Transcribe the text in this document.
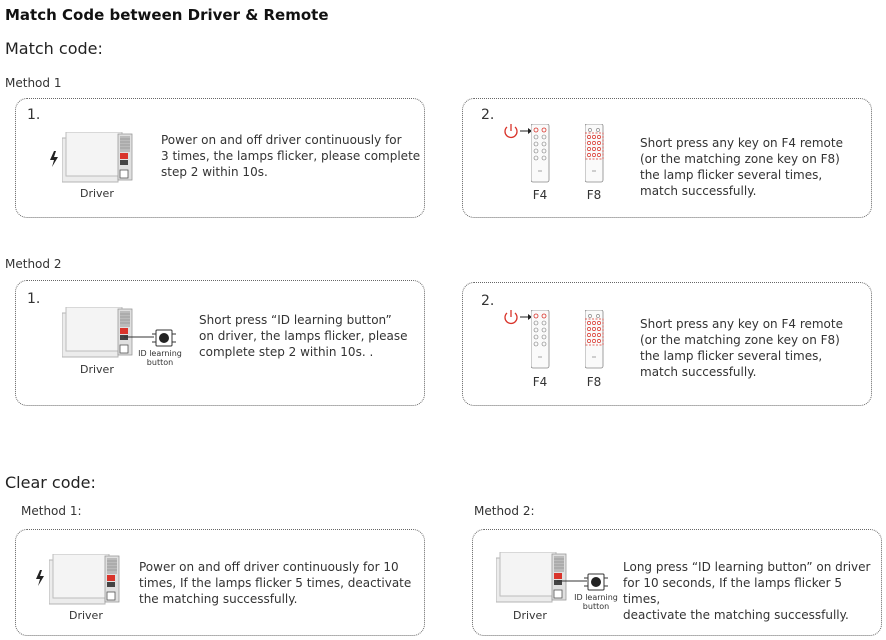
Match Code between Driver & Remote
Match code:
Clear code:
Method 1
1.
Driver
Power on and off driver continuously for
3 times, the lamps flicker, please complete
step 2 within 10s.
2.
F4	F8
Short press any key on F4 remote
(or the matching zone key on F8)
the lamp flicker several times,
match successfully.
Method 2
1.
ID learning
button
Driver
Short press “ID learning button”
on driver, the lamps flicker, please
complete step 2 within 10s. .
2.
F4	F8
Short press any key on F4 remote
(or the matching zone key on F8)
the lamp flicker several times,
match successfully.
Method 1:	Method 2:
Driver
Power on and off driver continuously for 10
times, If the lamps flicker 5 times, deactivate
the matching successfully.	ID learning
button
Driver
Long press “ID learning button” on driver
for 10 seconds, If the lamps flicker 5 times,
deactivate the matching successfully.
